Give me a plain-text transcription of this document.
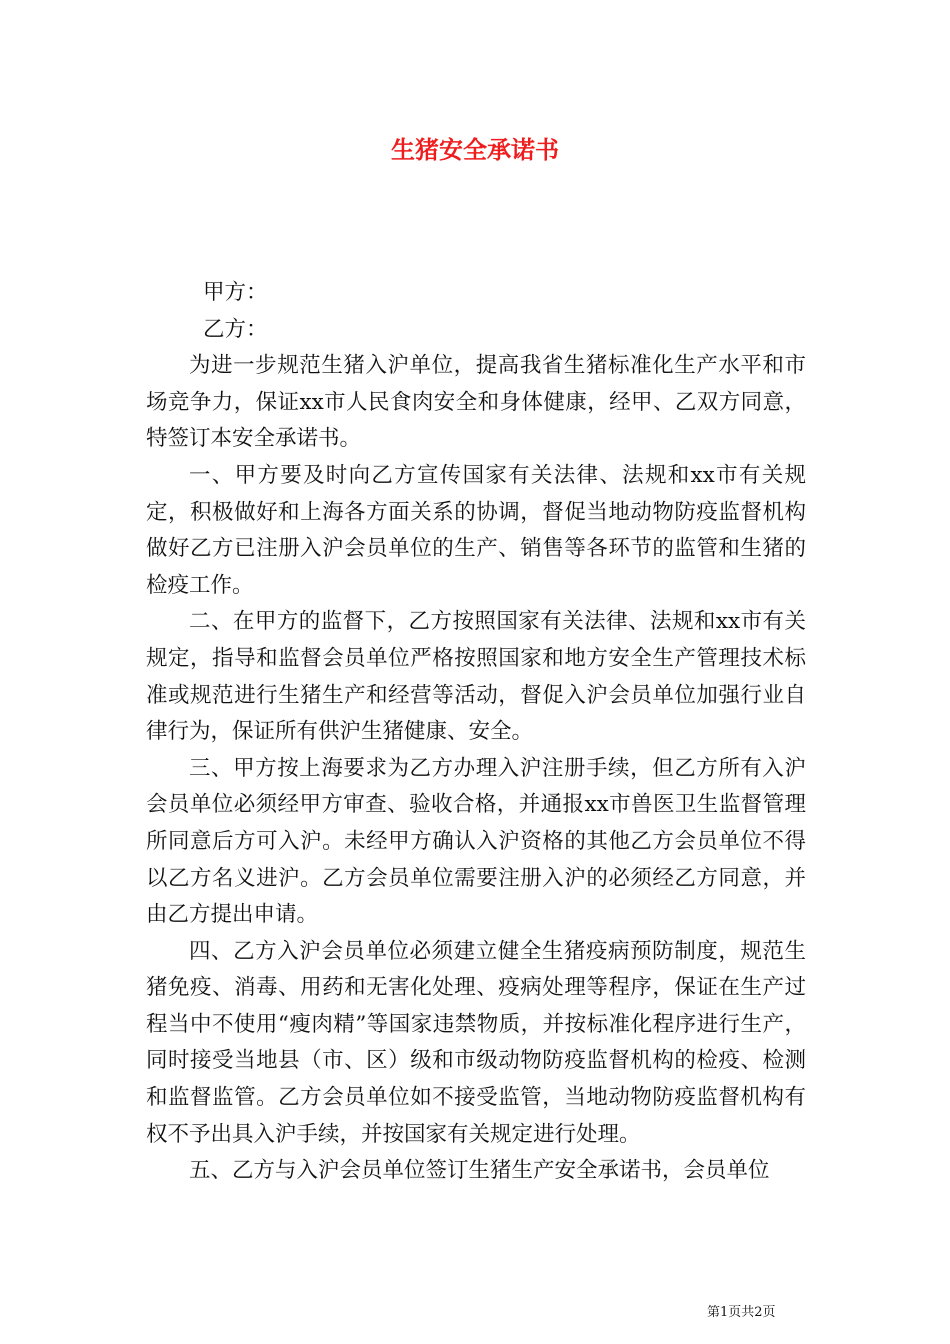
生猪安全承诺书

甲方：

乙方：

为进一步规范生猪入沪单位，提高我省生猪标准化生产水平和市场竞争力，保证xx市人民食肉安全和身体健康，经甲、乙双方同意，特签订本安全承诺书。

一、甲方要及时向乙方宣传国家有关法律、法规和xx市有关规定，积极做好和上海各方面关系的协调，督促当地动物防疫监督机构做好乙方已注册入沪会员单位的生产、销售等各环节的监管和生猪的检疫工作。

二、在甲方的监督下，乙方按照国家有关法律、法规和xx市有关规定，指导和监督会员单位严格按照国家和地方安全生产管理技术标准或规范进行生猪生产和经营等活动，督促入沪会员单位加强行业自律行为，保证所有供沪生猪健康、安全。

三、甲方按上海要求为乙方办理入沪注册手续，但乙方所有入沪会员单位必须经甲方审查、验收合格，并通报xx市兽医卫生监督管理所同意后方可入沪。未经甲方确认入沪资格的其他乙方会员单位不得以乙方名义进沪。乙方会员单位需要注册入沪的必须经乙方同意，并由乙方提出申请。

四、乙方入沪会员单位必须建立健全生猪疫病预防制度，规范生猪免疫、消毒、用药和无害化处理、疫病处理等程序，保证在生产过程当中不使用“瘦肉精”等国家违禁物质，并按标准化程序进行生产，同时接受当地县（市、区）级和市级动物防疫监督机构的检疫、检测和监督监管。乙方会员单位如不接受监管，当地动物防疫监督机构有权不予出具入沪手续，并按国家有关规定进行处理。

五、乙方与入沪会员单位签订生猪生产安全承诺书，会员单位

第1页共2页
